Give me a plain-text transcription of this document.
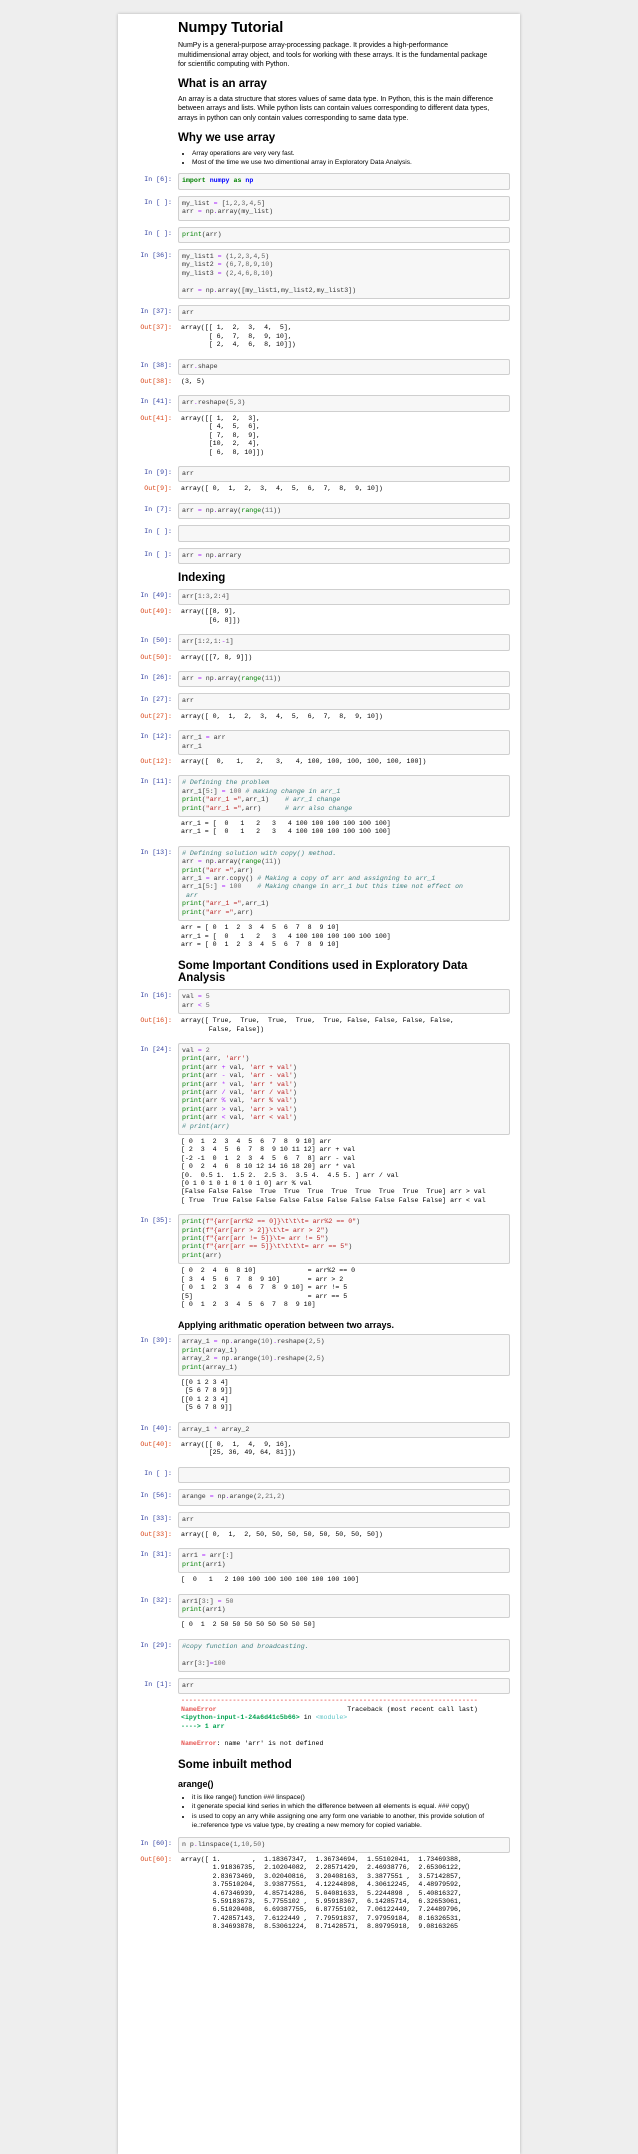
Numpy Tutorial

NumPy is a general-purpose array-processing package. It provides a high-performance multidimensional array object, and tools for working with these arrays. It is the fundamental package for scientific computing with Python.

What is an array

An array is a data structure that stores values of same data type. In Python, this is the main difference between arrays and lists. While python lists can contain values corresponding to different data types, arrays in python can only contain values corresponding to same data type.

Why we use array
• Array operations are very very fast.
• Most of the time we use two dimentional array in Exploratory Data Analysis.
In [6]:	import numpy as np
In [ ]:	my_list = [1,2,3,4,5]
arr = np.array(my_list)
In [ ]:	print(arr)
In [36]:	my_list1 = (1,2,3,4,5)
my_list2 = (6,7,8,9,10)
my_list3 = (2,4,6,8,10)

arr = np.array([my_list1,my_list2,my_list3])
In [37]:	arr
Out[37]:	array([[ 1,  2,  3,  4,  5],
[ 6,  7,  8,  9, 10],
[ 2,  4,  6,  8, 10]])
In [38]:	arr.shape
Out[38]:	(3, 5)
In [41]:	arr.reshape(5,3)
Out[41]:	array([[ 1,  2,  3],
[ 4,  5,  6],
[ 7,  8,  9],
[10,  2,  4],
[ 6,  8, 10]])
In [9]:	arr
Out[9]:	array([ 0,  1,  2,  3,  4,  5,  6,  7,  8,  9, 10])
In [7]:	arr = np.array(range(11))
In [ ]:

In [ ]:	arr = np.arrary
Indexing
In [49]:	arr[1:3,2:4]
Out[49]:	array([[8, 9],
[6, 8]])
In [50]:	arr[1:2,1:-1]
Out[50]:	array([[7, 8, 9]])
In [26]:	arr = np.array(range(11))
In [27]:	arr
Out[27]:	array([ 0,  1,  2,  3,  4,  5,  6,  7,  8,  9, 10])
In [12]:	arr_1 = arr
arr_1
Out[12]:	array([  0,   1,   2,   3,   4, 100, 100, 100, 100, 100, 100])
In [11]:	# Defining the problem
arr_1[5:] = 100 # making change in arr_1
print("arr_1 =",arr_1)    # arr_1 change
print("arr_1 =",arr)      # arr also change
arr_1 = [  0   1   2   3   4 100 100 100 100 100 100]
arr_1 = [  0   1   2   3   4 100 100 100 100 100 100]
In [13]:	# Defining solution with copy() method.
arr = np.array(range(11))
print("arr =",arr)
arr_1 = arr.copy() # Making a copy of arr and assigning to arr_1
arr_1[5:] = 100 # Making change in arr_1 but this time not effect on
arr
print("arr_1 =",arr_1)
print("arr =",arr)
arr = [ 0  1  2  3  4  5  6  7  8  9 10]
arr_1 = [  0   1   2   3   4 100 100 100 100 100 100]
arr = [ 0  1  2  3  4  5  6  7  8  9 10]
Some Important Conditions used in Exploratory Data Analysis
In [16]:	val = 5
arr < 5
Out[16]:	array([ True,  True,  True,  True,  True, False, False, False, False,
False, False])
In [24]:	val = 2
print(arr, 'arr')
print(arr + val, 'arr + val')
print(arr - val, 'arr - val')
print(arr * val, 'arr * val')
print(arr / val, 'arr / val')
print(arr % val, 'arr % val')
print(arr > val, 'arr > val')
print(arr < val, 'arr < val')
# print(arr)
[ 0  1  2  3  4  5  6  7  8  9 10] arr
[ 2  3  4  5  6  7  8  9 10 11 12] arr + val
[-2 -1  0  1  2  3  4  5  6  7  8] arr - val
[ 0  2  4  6  8 10 12 14 16 18 20] arr * val
[0.  0.5 1.  1.5 2.  2.5 3.  3.5 4.  4.5 5. ] arr / val
[0 1 0 1 0 1 0 1 0 1 0] arr % val
[False False False  True  True  True  True  True  True  True  True] arr > val
[ True  True False False False False False False False False False] arr < val
In [35]:	print(f"{arr[arr%2 == 0]}\t\t\t= arr%2 == 0")
print(f"{arr[arr > 2]}\t\t= arr > 2")
print(f"{arr[arr != 5]}\t= arr != 5")
print(f"{arr[arr == 5]}\t\t\t\t= arr == 5")
print(arr)
[ 0  2  4  6  8 10]             = arr%2 == 0
[ 3  4  5  6  7  8  9 10]       = arr > 2
[ 0  1  2  3  4  6  7  8  9 10] = arr != 5
[5]                             = arr == 5
[ 0  1  2  3  4  5  6  7  8  9 10]
Applying arithmatic operation between two arrays.
In [39]:	array_1 = np.arange(10).reshape(2,5)
print(array_1)
array_2 = np.arange(10).reshape(2,5)
print(array_1)
[[0 1 2 3 4]
[5 6 7 8 9]]
[[0 1 2 3 4]
[5 6 7 8 9]]
In [40]:	array_1 * array_2
Out[40]:	array([[ 0,  1,  4,  9, 16],
[25, 36, 49, 64, 81]])
In [ ]:

In [56]:	arange = np.arange(2,21,2)
In [33]:	arr
Out[33]:	array([ 0,  1,  2, 50, 50, 50, 50, 50, 50, 50, 50])
In [31]:	arr1 = arr[:]
print(arr1)
[  0   1   2 100 100 100 100 100 100 100 100]
In [32]:	arr1[3:] = 50
print(arr1)
[ 0  1  2 50 50 50 50 50 50 50 50]
In [29]:	#copy function and broadcasting.

arr[3:]=100
In [1]:	arr
---------------------------------------------------------------------------
NameError	Traceback (most recent call last)
<ipython-input-1-24a6d41c5b66> in <module>
----> 1 arr

NameError: name 'arr' is not defined
Some inbuilt method
arange()
• it is like range() function ### linspace()
• it generate special kind series in which the difference between all elements is equal. ### copy()
• is used to copy an arry while assigning one arry form one variable to another, this provide solution of ie.:reference type vs value type, by creating a new memory for copied variable.
In [60]:	n p.linspace(1,10,50)
Out[60]:	array([ 1.        ,  1.18367347,  1.36734694,  1.55102041,  1.73469388,
1.91836735,  2.10204082,  2.28571429,  2.46938776,  2.65306122,
2.83673469,  3.02040816,  3.20408163,  3.3877551 ,  3.57142857,
3.75510204,  3.93877551,  4.12244898,  4.30612245,  4.48979592,
4.67346939,  4.85714286,  5.04081633,  5.2244898 ,  5.40816327,
5.59183673,  5.7755102 ,  5.95918367,  6.14285714,  6.32653061,
6.51020408,  6.69387755,  6.87755102,  7.06122449,  7.24489796,
7.42857143,  7.6122449 ,  7.79591837,  7.97959184,  8.16326531,
8.34693878,  8.53061224,  8.71428571,  8.89795918,  9.08163265
